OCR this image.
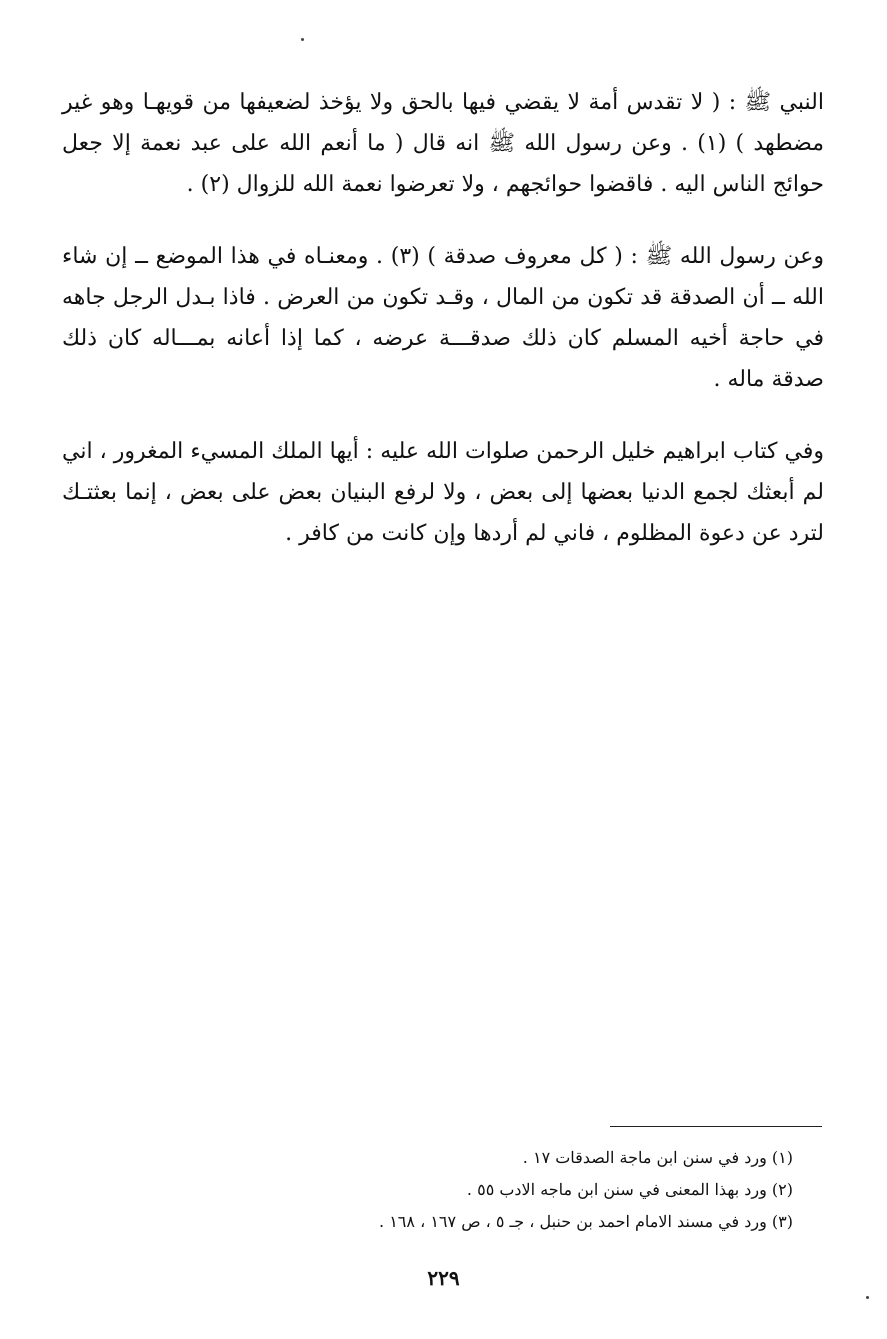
النبي ﷺ : ( لا تقدس أمة لا يقضي فيها بالحق ولا يؤخذ لضعيفها من قويهـا وهو غير مضطهد ) (١) . وعن رسول الله ﷺ انه قال ( ما أنعم الله على عبد نعمة إلا جعل حوائج الناس اليه . فاقضوا حوائجهم ، ولا تعرضوا نعمة الله للزوال (٢) .

وعن رسول الله ﷺ : ( كل معروف صدقة ) (٣) . ومعنـاه في هذا الموضع ــ إن شاء الله ــ أن الصدقة قد تكون من المال ، وقـد تكون من العرض . فاذا بـدل الرجل جاهه في حاجة أخيه المسلم كان ذلك صدقـــة عرضه ، كما إذا أعانه بمـــاله كان ذلك صدقة ماله .

وفي كتاب ابراهيم خليل الرحمن صلوات الله عليه : أيها الملك المسيء المغرور ، اني لم أبعثك لجمع الدنيا بعضها إلى بعض ، ولا لرفع البنيان بعض على بعض ، إنما بعثتـك لترد عن دعوة المظلوم ، فاني لم أردها وإن كانت من كافر .

(١) ورد في سنن ابن ماجة الصدقات ١٧ .
(٢) ورد بهذا المعنى في سنن ابن ماجه الادب ٥٥ .
(٣) ورد في مسند الامام احمد بن حنبل ، جـ ٥ ، ص ١٦٧ ، ١٦٨ .
٢٢٩
